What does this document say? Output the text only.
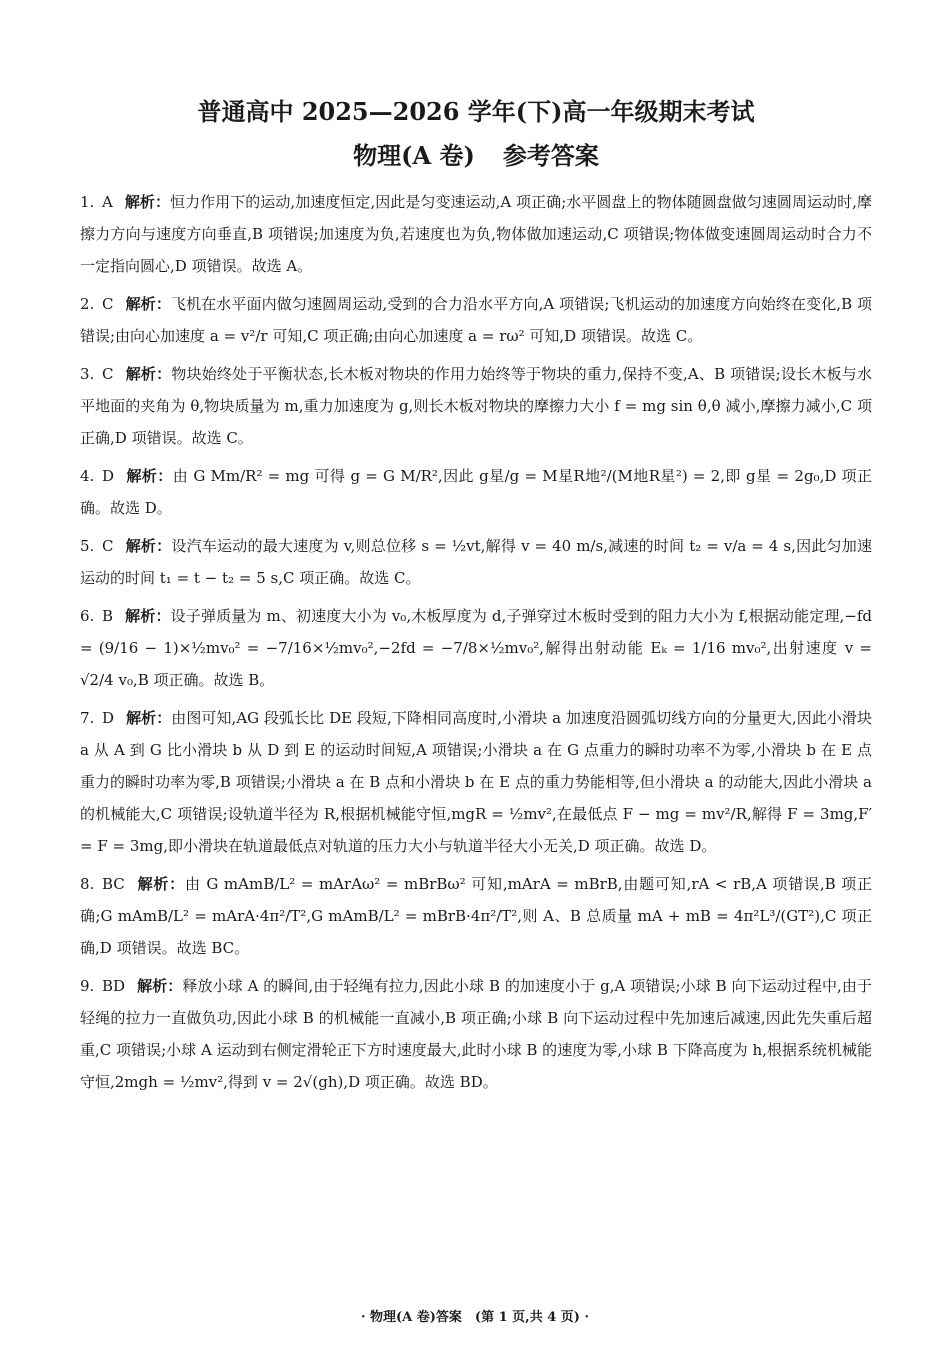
普通高中 2025—2026 学年(下)高一年级期末考试
物理(A 卷) 参考答案
1. A 解析：恒力作用下的运动,加速度恒定,因此是匀变速运动,A 项正确;水平圆盘上的物体随圆盘做匀速圆周运动时,摩擦力方向与速度方向垂直,B 项错误;加速度为负,若速度也为负,物体做加速运动,C 项错误;物体做变速圆周运动时合力不一定指向圆心,D 项错误。故选 A。
2. C 解析：飞机在水平面内做匀速圆周运动,受到的合力沿水平方向,A 项错误;飞机运动的加速度方向始终在变化,B 项错误;由向心加速度 a = v²/r 可知,C 项正确;由向心加速度 a = rω² 可知,D 项错误。故选 C。
3. C 解析：物块始终处于平衡状态,长木板对物块的作用力始终等于物块的重力,保持不变,A、B 项错误;设长木板与水平地面的夹角为 θ,物块质量为 m,重力加速度为 g,则长木板对物块的摩擦力大小 f = mg sin θ,θ 减小,摩擦力减小,C 项正确,D 项错误。故选 C。
4. D 解析：由 G Mm/R² = mg 可得 g = G M/R²,因此 g星/g = M星R地²/(M地R星²) = 2,即 g星 = 2g₀,D 项正确。故选 D。
5. C 解析：设汽车运动的最大速度为 v,则总位移 s = ½vt,解得 v = 40 m/s,减速的时间 t₂ = v/a = 4 s,因此匀加速运动的时间 t₁ = t − t₂ = 5 s,C 项正确。故选 C。
6. B 解析：设子弹质量为 m、初速度大小为 v₀,木板厚度为 d,子弹穿过木板时受到的阻力大小为 f,根据动能定理,−fd = (9/16 − 1)×½mv₀² = −7/16×½mv₀²,−2fd = −7/8×½mv₀²,解得出射动能 Eₖ = 1/16 mv₀²,出射速度 v = √2/4 v₀,B 项正确。故选 B。
7. D 解析：由图可知,AG 段弧长比 DE 段短,下降相同高度时,小滑块 a 加速度沿圆弧切线方向的分量更大,因此小滑块 a 从 A 到 G 比小滑块 b 从 D 到 E 的运动时间短,A 项错误;小滑块 a 在 G 点重力的瞬时功率不为零,小滑块 b 在 E 点重力的瞬时功率为零,B 项错误;小滑块 a 在 B 点和小滑块 b 在 E 点的重力势能相等,但小滑块 a 的动能大,因此小滑块 a 的机械能大,C 项错误;设轨道半径为 R,根据机械能守恒,mgR = ½mv²,在最低点 F − mg = mv²/R,解得 F = 3mg,F′ = F = 3mg,即小滑块在轨道最低点对轨道的压力大小与轨道半径大小无关,D 项正确。故选 D。
8. BC 解析：由 G mAmB/L² = mArAω² = mBrBω² 可知,mArA = mBrB,由题可知,rA < rB,A 项错误,B 项正确;G mAmB/L² = mArA·4π²/T²,G mAmB/L² = mBrB·4π²/T²,则 A、B 总质量 mA + mB = 4π²L³/(GT²),C 项正确,D 项错误。故选 BC。
9. BD 解析：释放小球 A 的瞬间,由于轻绳有拉力,因此小球 B 的加速度小于 g,A 项错误;小球 B 向下运动过程中,由于轻绳的拉力一直做负功,因此小球 B 的机械能一直减小,B 项正确;小球 B 向下运动过程中先加速后减速,因此先失重后超重,C 项错误;小球 A 运动到右侧定滑轮正下方时速度最大,此时小球 B 的速度为零,小球 B 下降高度为 h,根据系统机械能守恒,2mgh = ½mv²,得到 v = 2√(gh),D 项正确。故选 BD。
· 物理(A 卷)答案　(第 1 页,共 4 页) ·
